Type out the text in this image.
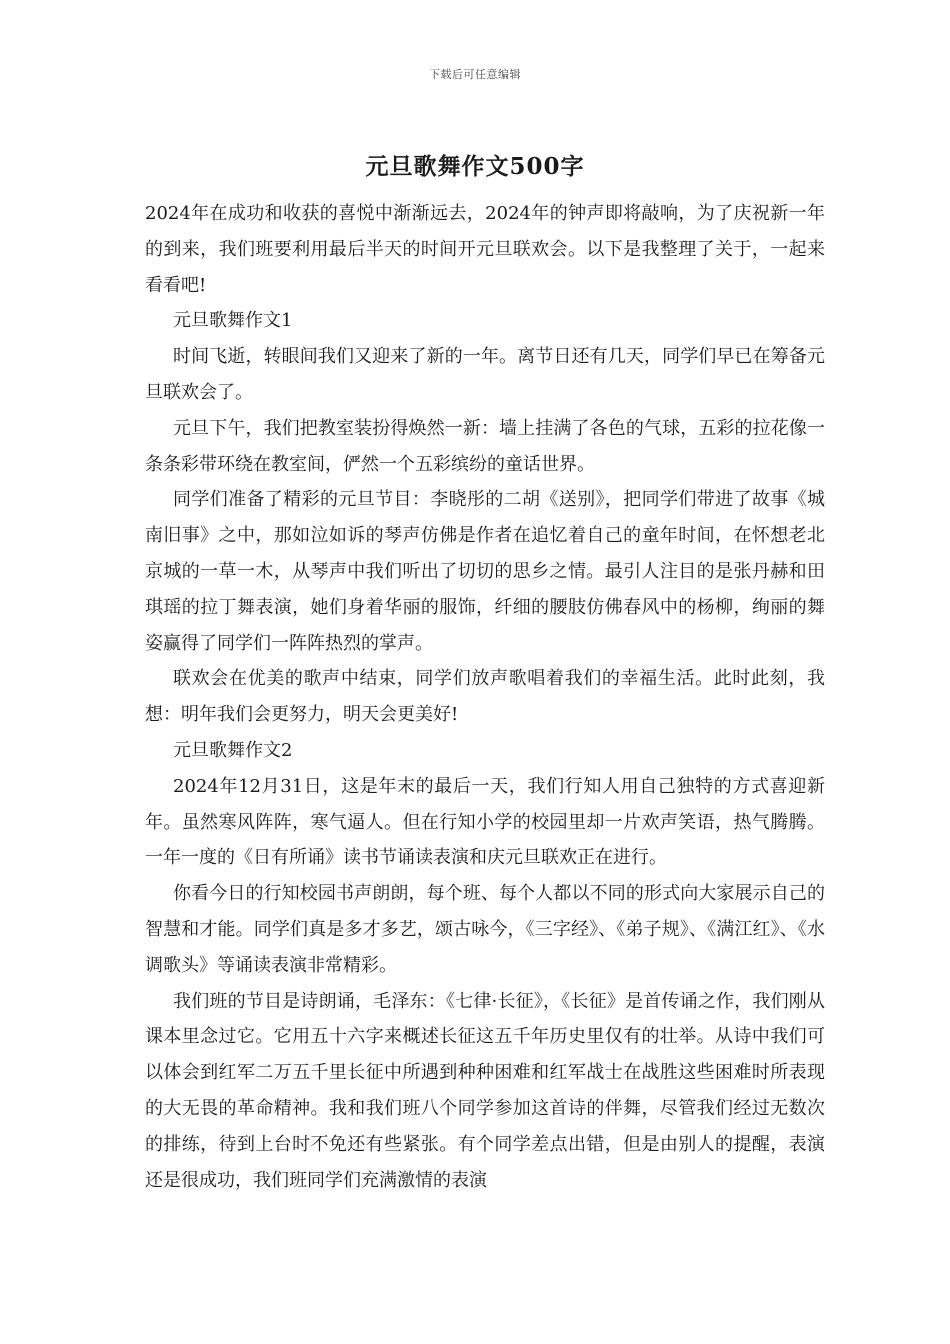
下载后可任意编辑
元旦歌舞作文500字

2024年在成功和收获的喜悦中渐渐远去，2024年的钟声即将敲响，为了庆祝新一年的到来，我们班要利用最后半天的时间开元旦联欢会。以下是我整理了关于，一起来看看吧!

元旦歌舞作文1

时间飞逝，转眼间我们又迎来了新的一年。离节日还有几天，同学们早已在筹备元旦联欢会了。

元旦下午，我们把教室装扮得焕然一新：墙上挂满了各色的气球，五彩的拉花像一条条彩带环绕在教室间，俨然一个五彩缤纷的童话世界。

同学们准备了精彩的元旦节目：李晓彤的二胡《送别》，把同学们带进了故事《城南旧事》之中，那如泣如诉的琴声仿佛是作者在追忆着自己的童年时间，在怀想老北京城的一草一木，从琴声中我们听出了切切的思乡之情。最引人注目的是张丹赫和田琪瑶的拉丁舞表演，她们身着华丽的服饰，纤细的腰肢仿佛春风中的杨柳，绚丽的舞姿赢得了同学们一阵阵热烈的掌声。

联欢会在优美的歌声中结束，同学们放声歌唱着我们的幸福生活。此时此刻，我想：明年我们会更努力，明天会更美好!

元旦歌舞作文2

2024年12月31日，这是年末的最后一天，我们行知人用自己独特的方式喜迎新年。虽然寒风阵阵，寒气逼人。但在行知小学的校园里却一片欢声笑语，热气腾腾。一年一度的《日有所诵》读书节诵读表演和庆元旦联欢正在进行。

你看今日的行知校园书声朗朗，每个班、每个人都以不同的形式向大家展示自己的智慧和才能。同学们真是多才多艺，颂古咏今，《三字经》、《弟子规》、《满江红》、《水调歌头》等诵读表演非常精彩。

我们班的节目是诗朗诵，毛泽东：《七律·长征》，《长征》是首传诵之作，我们刚从课本里念过它。它用五十六字来概述长征这五千年历史里仅有的壮举。从诗中我们可以体会到红军二万五千里长征中所遇到种种困难和红军战士在战胜这些困难时所表现的大无畏的革命精神。我和我们班八个同学参加这首诗的伴舞，尽管我们经过无数次的排练，待到上台时不免还有些紧张。有个同学差点出错，但是由别人的提醒，表演还是很成功，我们班同学们充满激情的表演
